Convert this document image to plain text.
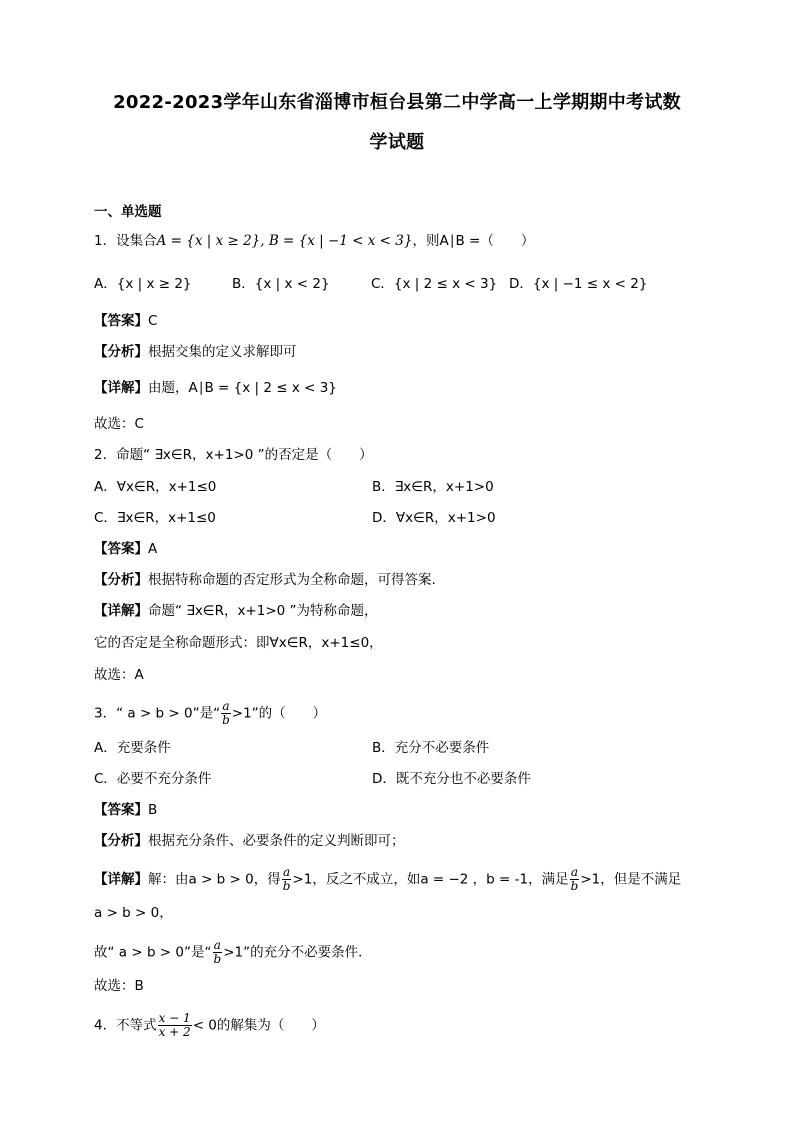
2022-2023学年山东省淄博市桓台县第二中学高一上学期期中考试数
学试题
一、单选题
1．设集合A = {x | x ≥ 2}, B = {x | −1 < x < 3}，则A∣B =（　　）
A．{x | x ≥ 2}	B．{x | x < 2}	C．{x | 2 ≤ x < 3} D．{x | −1 ≤ x < 2}
【答案】C
【分析】根据交集的定义求解即可
【详解】由题，A∣B = {x | 2 ≤ x < 3}
故选：C
2．命题“ ∃x∈R，x+1>0 ”的否定是（　　）
A．∀x∈R，x+1≤0	B．∃x∈R，x+1>0
C．∃x∈R，x+1≤0	D．∀x∈R，x+1>0
【答案】A
【分析】根据特称命题的否定形式为全称命题，可得答案.
【详解】命题“ ∃x∈R，x+1>0 ”为特称命题，
它的否定是全称命题形式：即∀x∈R，x+1≤0，
故选：A
3．“ a > b > 0”是“ $\frac{a}{b} >1$”的（　　）
A．充要条件	B．充分不必要条件
C．必要不充分条件	D．既不充分也不必要条件
【答案】B
【分析】根据充分条件、必要条件的定义判断即可；
【详解】解：由a > b > 0，得 $\frac{a}{b} >1$，反之不成立，如a = −2 ，b = -1，满足 $\frac{a}{b} >1$，但是不满足
a > b > 0，
故“ a > b > 0”是“ $\frac{a}{b} >1$”的充分不必要条件．
故选：B
4．不等式 $\frac{x - 1}{x + 2} < 0$的解集为（　　）
